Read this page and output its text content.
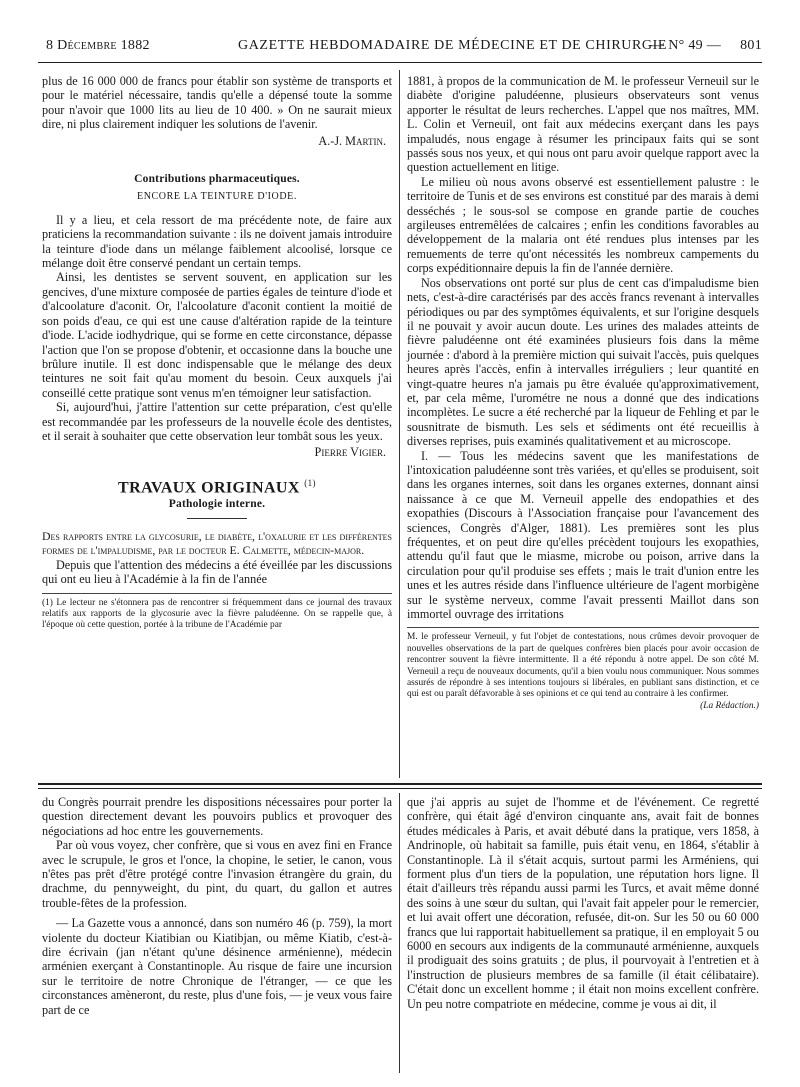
8 Décembre 1882	GAZETTE HEBDOMADAIRE DE MÉDECINE ET DE CHIRURGIE
— N° 49 — 801

plus de 16 000 000 de francs pour établir son système de transports et pour le matériel nécessaire, tandis qu'elle a dépensé toute la somme pour n'avoir que 1000 lits au lieu de 10 400. » On ne saurait mieux dire, ni plus clairement indiquer les solutions de l'avenir.

A.-J. Martin.
Contributions pharmaceutiques.
ENCORE LA TEINTURE D'IODE.

Il y a lieu, et cela ressort de ma précédente note, de faire aux praticiens la recommandation suivante : ils ne doivent jamais introduire la teinture d'iode dans un mélange faiblement alcoolisé, lorsque ce mélange doit être conservé pendant un certain temps.

Ainsi, les dentistes se servent souvent, en application sur les gencives, d'une mixture composée de parties égales de teinture d'iode et d'alcoolature d'aconit. Or, l'alcoolature d'aconit contient la moitié de son poids d'eau, ce qui est une cause d'altération rapide de la teinture d'iode. L'acide iodhydrique, qui se forme en cette circonstance, dépasse l'action que l'on se propose d'obtenir, et occasionne dans la bouche une brûlure inutile. Il est donc indispensable que le mélange des deux teintures ne soit fait qu'au moment du besoin. Ceux auxquels j'ai conseillé cette pratique sont venus m'en témoigner leur satisfaction.

Si, aujourd'hui, j'attire l'attention sur cette préparation, c'est qu'elle est recommandée par les professeurs de la nouvelle école des dentistes, et il serait à souhaiter que cette observation leur tombât sous les yeux.

Pierre Vigier.
TRAVAUX ORIGINAUX $^{(1)}$
Pathologie interne.

Des rapports entre la glycosurie, le diabète, l'oxalurie et les différentes formes de l'impaludisme, par le docteur E. Calmette, médecin-major.

Depuis que l'attention des médecins a été éveillée par les discussions qui ont eu lieu à l'Académie à la fin de l'année

(1) Le lecteur ne s'étonnera pas de rencontrer si fréquemment dans ce journal des travaux relatifs aux rapports de la glycosurie avec la fièvre paludéenne. On se rappelle que, à l'époque où cette question, portée à la tribune de l'Académie par

1881, à propos de la communication de M. le professeur Verneuil sur le diabète d'origine paludéenne, plusieurs observateurs sont venus apporter le résultat de leurs recherches. L'appel que nos maîtres, MM. L. Colin et Verneuil, ont fait aux médecins exerçant dans les pays impaludés, nous engage à résumer les principaux faits qui se sont passés sous nos yeux, et qui nous ont paru avoir quelque rapport avec la question actuellement en litige.

Le milieu où nous avons observé est essentiellement palustre : le territoire de Tunis et de ses environs est constitué par des marais à demi desséchés ; le sous-sol se compose en grande partie de couches argileuses entremêlées de calcaires ; enfin les conditions favorables au développement de la malaria ont été rendues plus intenses par les remuements de terre qu'ont nécessités les nombreux campements du corps expéditionnaire depuis la fin de l'année dernière.

Nos observations ont porté sur plus de cent cas d'impaludisme bien nets, c'est-à-dire caractérisés par des accès francs revenant à intervalles périodiques ou par des symptômes équivalents, et sur l'origine desquels il ne pouvait y avoir aucun doute. Les urines des malades atteints de fièvre paludéenne ont été examinées plusieurs fois dans la même journée : d'abord à la première miction qui suivait l'accès, puis quelques heures après l'accès, enfin à intervalles irréguliers ; leur quantité en vingt-quatre heures n'a jamais pu être évaluée qu'approximativement, et, par cela même, l'urométre ne nous a donné que des indications incomplètes. Le sucre a été recherché par la liqueur de Fehling et par le sousnitrate de bismuth. Les sels et sédiments ont été recueillis à diverses reprises, puis examinés qualitativement et au microscope.

I. — Tous les médecins savent que les manifestations de l'intoxication paludéenne sont très variées, et qu'elles se produisent, soit dans les organes internes, soit dans les organes externes, donnant ainsi naissance à ce que M. Verneuil appelle des endopathies et des exopathies (Discours à l'Association française pour l'avancement des sciences, Congrès d'Alger, 1881). Les premières sont les plus fréquentes, et on peut dire qu'elles précèdent toujours les exopathies, attendu qu'il faut que le miasme, microbe ou poison, arrive dans la circulation pour qu'il produise ses effets ; mais le trait d'union entre les unes et les autres réside dans l'influence ultérieure de l'agent morbigène sur le système nerveux, comme l'avait pressenti Maillot dans son immortel ouvrage des irritations

M. le professeur Verneuil, y fut l'objet de contestations, nous crûmes devoir provoquer de nouvelles observations de la part de quelques confrères bien placés pour avoir occasion de rencontrer souvent la fièvre intermittente. Il a été répondu à notre appel. De son côté M. Verneuil a reçu de nouveaux documents, qu'il a bien voulu nous communiquer. Nous sommes assurés de répondre à ses intentions toujours si libérales, en publiant sans distinction, et ce qui est ou paraît défavorable à ses opinions et ce qui tend au contraire à les confirmer.
(La Rédaction.)

du Congrès pourrait prendre les dispositions nécessaires pour porter la question directement devant les pouvoirs publics et provoquer des négociations ad hoc entre les gouvernements.

Par où vous voyez, cher confrère, que si vous en avez fini en France avec le scrupule, le gros et l'once, la chopine, le setier, le canon, vous n'êtes pas prêt d'être protégé contre l'invasion étrangère du grain, du drachme, du pennyweight, du pint, du quart, du gallon et autres trouble-fêtes de la profession.

— La Gazette vous a annoncé, dans son numéro 46 (p. 759), la mort violente du docteur Kiatibian ou Kiatibjan, ou même Kiatib, c'est-à-dire écrivain (jan n'étant qu'une désinence arménienne), médecin arménien exerçant à Constantinople. Au risque de faire une incursion sur le territoire de notre Chronique de l'étranger, — ce que les circonstances amèneront, du reste, plus d'une fois, — je veux vous faire part de ce

que j'ai appris au sujet de l'homme et de l'événement. Ce regretté confrère, qui était âgé d'environ cinquante ans, avait fait de bonnes études médicales à Paris, et avait débuté dans la pratique, vers 1858, à Andrinople, où habitait sa famille, puis était venu, en 1864, s'établir à Constantinople. Là il s'était acquis, surtout parmi les Arméniens, qui forment plus d'un tiers de la population, une réputation hors ligne. Il était d'ailleurs très répandu aussi parmi les Turcs, et avait même donné des soins à une sœur du sultan, qui l'avait fait appeler pour le remercier, et lui avait offert une décoration, refusée, dit-on. Sur les 50 ou 60 000 francs que lui rapportait habituellement sa pratique, il en employait 5 ou 6000 en secours aux indigents de la communauté arménienne, auxquels il prodiguait des soins gratuits ; de plus, il pourvoyait à l'entretien et à l'instruction de plusieurs membres de sa famille (il était célibataire). C'était donc un excellent homme ; il était non moins excellent confrère. Un peu notre compatriote en médecine, comme je vous ai dit, il
